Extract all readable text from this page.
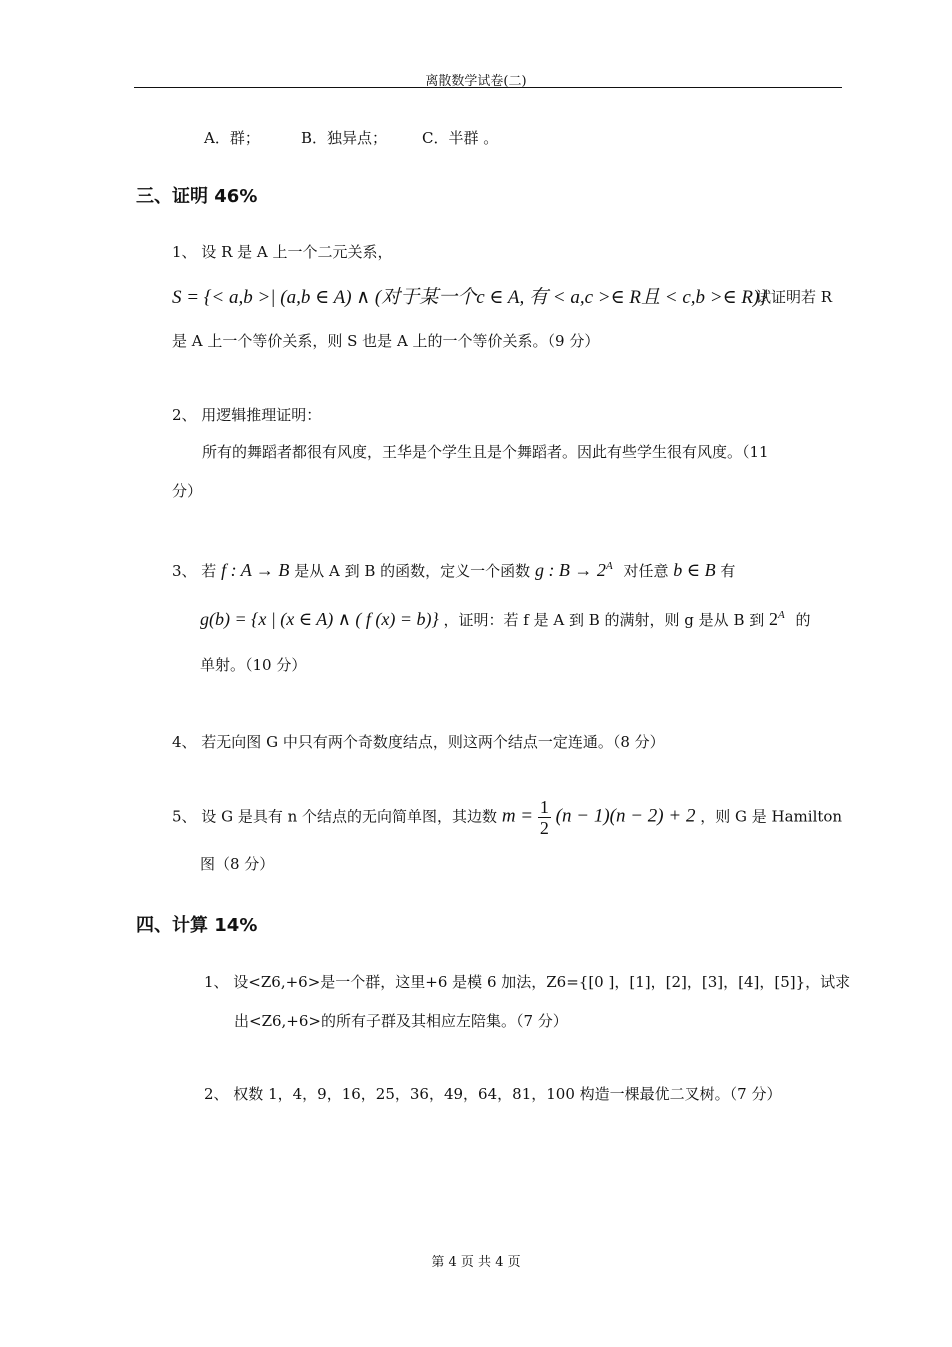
离散数学试卷(二)
A．群；	B．独异点； C．半群 。
三、证明 46%
1、 设 R 是 A 上一个二元关系，
S = {< a,b >| (a,b ∈ A) ∧ (对于某一个c ∈ A, 有 < a,c >∈ R且 < c,b >∈ R)}
试证明若 R
是 A 上一个等价关系，则 S 也是 A 上的一个等价关系。（9 分）
2、 用逻辑推理证明：
所有的舞蹈者都很有风度，王华是个学生且是个舞蹈者。因此有些学生很有风度。（11
分）
3、 若 f : A → B 是从 A 到 B 的函数，定义一个函数 g : $B \to 2^A$ 对任意 b ∈ B 有
g(b) = {x | (x ∈ A) ∧ ( f (x) = b)} ，证明：若 f 是 A 到 B 的满射，则 g 是从 B 到 $2^A$ 的
单射。（10 分）
4、 若无向图 G 中只有两个奇数度结点，则这两个结点一定连通。（8 分）
5、 设 G 是具有 n 个结点的无向简单图，其边数 $m = \frac{1}{2} (n - 1)(n - 2) + 2$ ，则 G 是 Hamilton
图（8 分）
四、计算 14%
1、 设<Z6,+6>是一个群，这里+6 是模 6 加法，Z6={[0 ]，[1]，[2]，[3]，[4]，[5]}，试求
出<Z6,+6>的所有子群及其相应左陪集。（7 分）
2、 权数 1，4，9，16，25，36，49，64，81，100 构造一棵最优二叉树。（7 分）
第 4 页 共 4 页
